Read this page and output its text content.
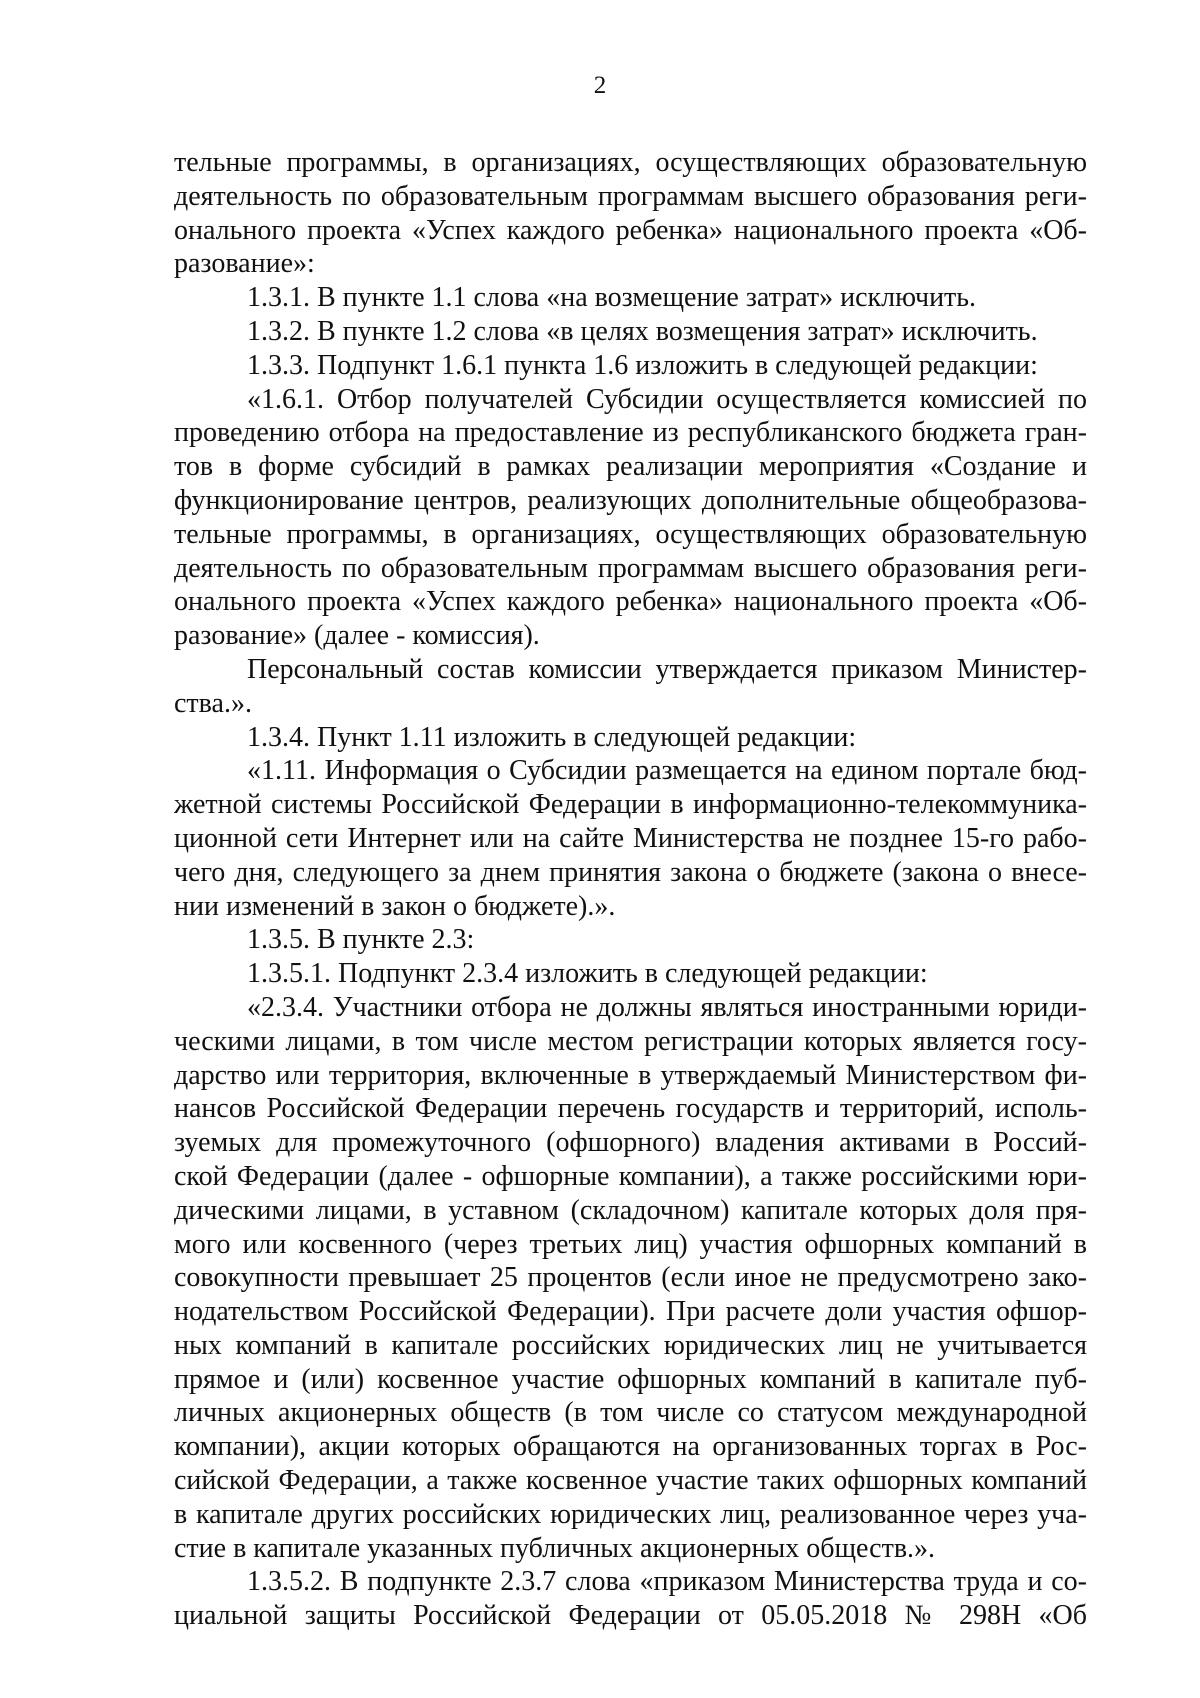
2
тельные программы, в организациях, осуществляющих образовательную
деятельность по образовательным программам высшего образования реги-
онального проекта «Успех каждого ребенка» национального проекта «Об-
разование»:
1.3.1. В пункте 1.1 слова «на возмещение затрат» исключить.
1.3.2. В пункте 1.2 слова «в целях возмещения затрат» исключить.
1.3.3. Подпункт 1.6.1 пункта 1.6 изложить в следующей редакции:
«1.6.1. Отбор получателей Субсидии осуществляется комиссией по
проведению отбора на предоставление из республиканского бюджета гран-
тов в форме субсидий в рамках реализации мероприятия «Создание и
функционирование центров, реализующих дополнительные общеобразова-
тельные программы, в организациях, осуществляющих образовательную
деятельность по образовательным программам высшего образования реги-
онального проекта «Успех каждого ребенка» национального проекта «Об-
разование» (далее - комиссия).
Персональный состав комиссии утверждается приказом Министер-
ства.».
1.3.4. Пункт 1.11 изложить в следующей редакции:
«1.11. Информация о Субсидии размещается на едином портале бюд-
жетной системы Российской Федерации в информационно-телекоммуника-
ционной сети Интернет или на сайте Министерства не позднее 15-го рабо-
чего дня, следующего за днем принятия закона о бюджете (закона о внесе-
нии изменений в закон о бюджете).».
1.3.5. В пункте 2.3:
1.3.5.1. Подпункт 2.3.4 изложить в следующей редакции:
«2.3.4. Участники отбора не должны являться иностранными юриди-
ческими лицами, в том числе местом регистрации которых является госу-
дарство или территория, включенные в утверждаемый Министерством фи-
нансов Российской Федерации перечень государств и территорий, исполь-
зуемых для промежуточного (офшорного) владения активами в Россий-
ской Федерации (далее - офшорные компании), а также российскими юри-
дическими лицами, в уставном (складочном) капитале которых доля пря-
мого или косвенного (через третьих лиц) участия офшорных компаний в
совокупности превышает 25 процентов (если иное не предусмотрено зако-
нодательством Российской Федерации). При расчете доли участия офшор-
ных компаний в капитале российских юридических лиц не учитывается
прямое и (или) косвенное участие офшорных компаний в капитале пуб-
личных акционерных обществ (в том числе со статусом международной
компании), акции которых обращаются на организованных торгах в Рос-
сийской Федерации, а также косвенное участие таких офшорных компаний
в капитале других российских юридических лиц, реализованное через уча-
стие в капитале указанных публичных акционерных обществ.».
1.3.5.2. В подпункте 2.3.7 слова «приказом Министерства труда и со-
циальной защиты Российской Федерации от 05.05.2018 № 298Н «Об
